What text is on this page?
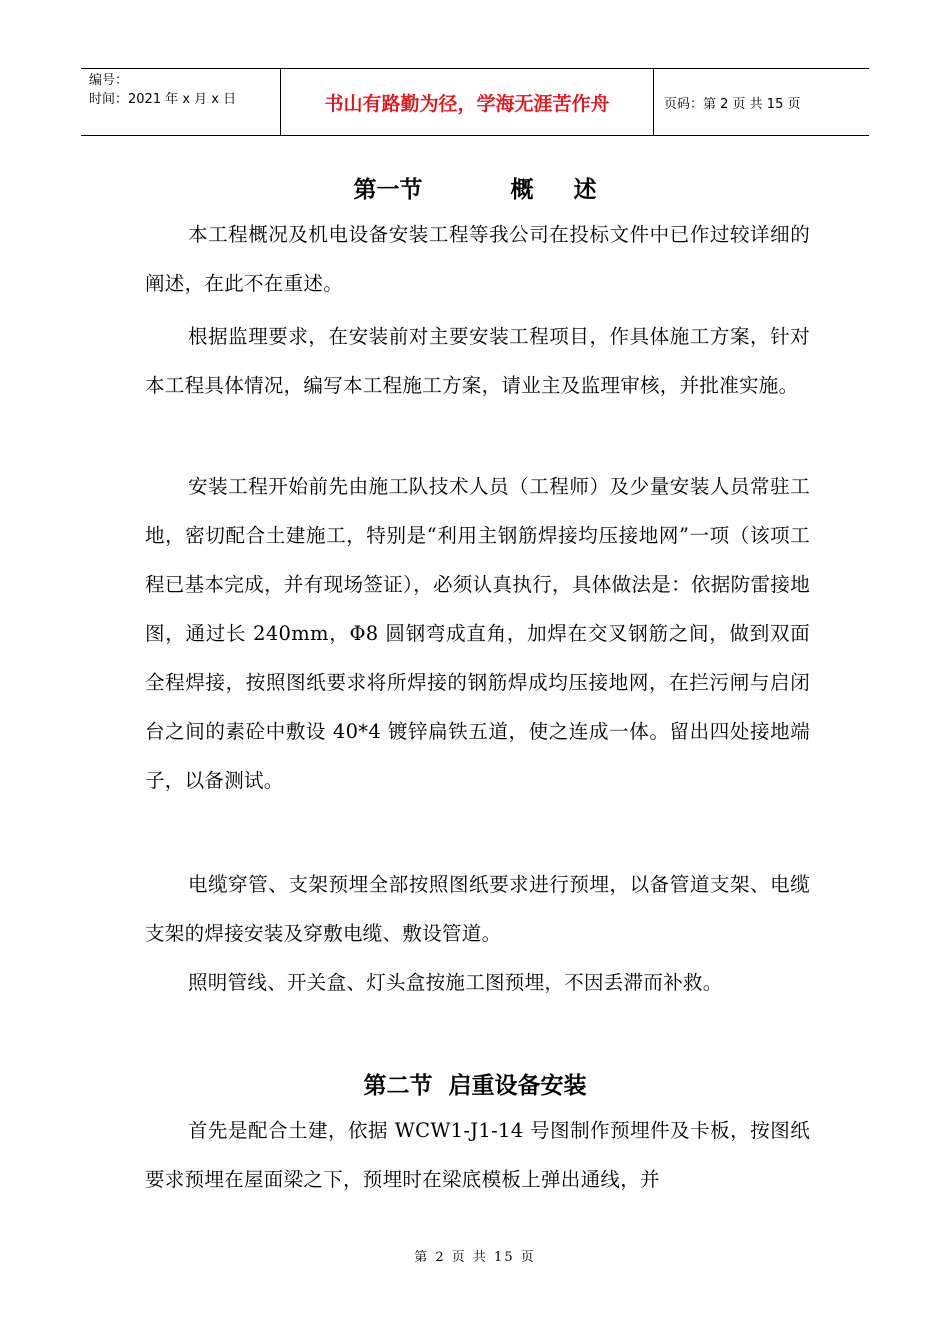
编号：
时间：2021 年 x 月 x 日	书山有路勤为径，学海无涯苦作舟	页码：第 2 页 共 15 页
第一节           概     述
本工程概况及机电设备安装工程等我公司在投标文件中已作过较详细的阐述，在此不在重述。
根据监理要求，在安装前对主要安装工程项目，作具体施工方案，针对本工程具体情况，编写本工程施工方案，请业主及监理审核，并批准实施。
安装工程开始前先由施工队技术人员（工程师）及少量安装人员常驻工地，密切配合土建施工，特别是“利用主钢筋焊接均压接地网”一项（该项工程已基本完成，并有现场签证），必须认真执行，具体做法是：依据防雷接地图，通过长 240mm，Φ8 圆钢弯成直角，加焊在交叉钢筋之间，做到双面全程焊接，按照图纸要求将所焊接的钢筋焊成均压接地网，在拦污闸与启闭台之间的素砼中敷设 40*4 镀锌扁铁五道，使之连成一体。留出四处接地端子，以备测试。
电缆穿管、支架预埋全部按照图纸要求进行预埋，以备管道支架、电缆支架的焊接安装及穿敷电缆、敷设管道。
照明管线、开关盒、灯头盒按施工图预埋，不因丢滞而补救。
第二节  启重设备安装
首先是配合土建，依据 WCW1-J1-14 号图制作预埋件及卡板，按图纸要求预埋在屋面梁之下，预埋时在梁底模板上弹出通线，并
第 2 页 共 15 页
